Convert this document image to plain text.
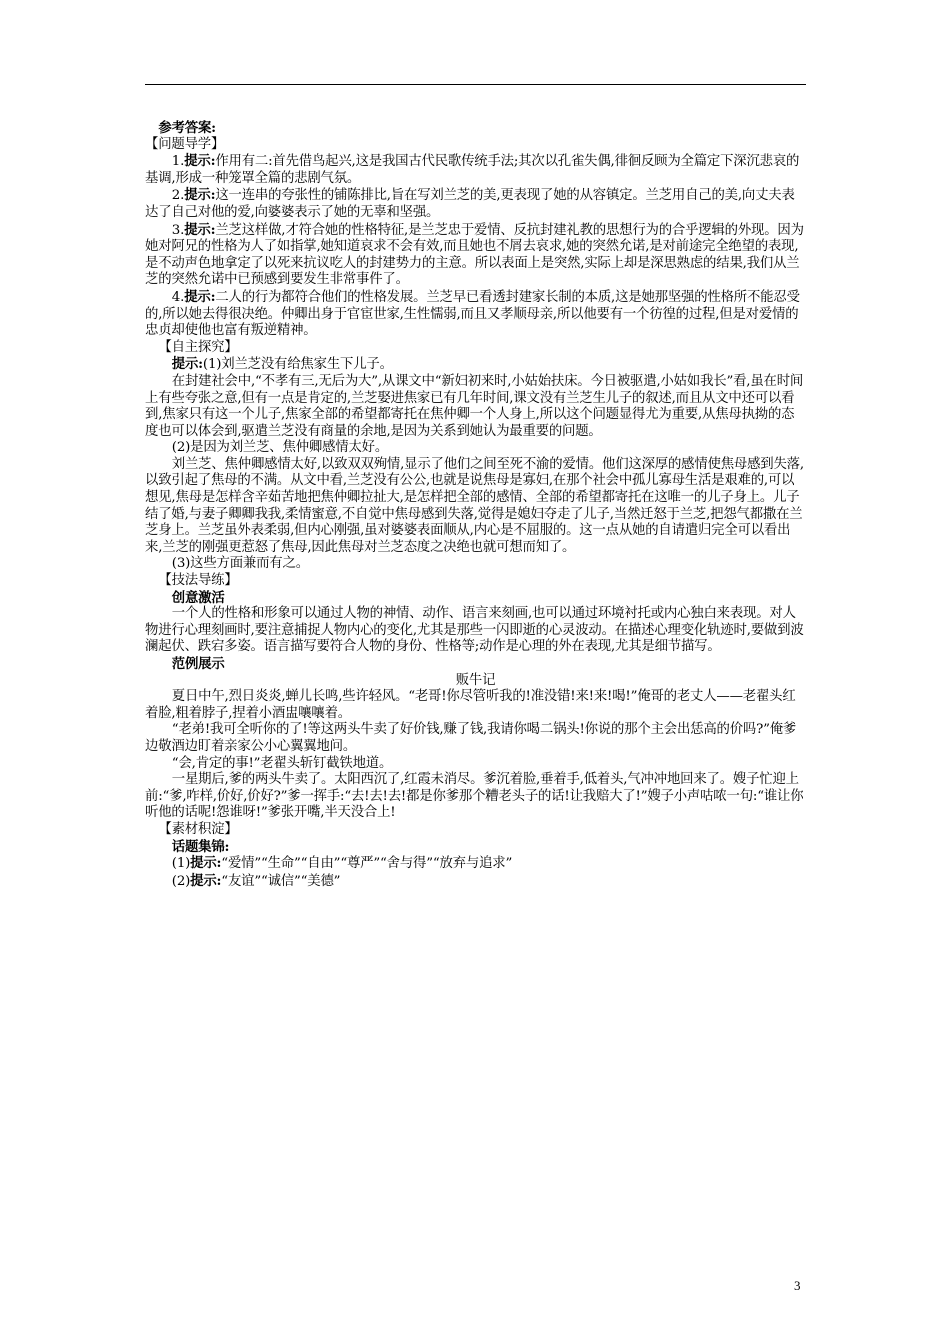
参考答案:

【问题导学】

1.提示:作用有二:首先借鸟起兴,这是我国古代民歌传统手法;其次以孔雀失偶,徘徊反顾为全篇定下深沉悲哀的基调,形成一种笼罩全篇的悲剧气氛。

2.提示:这一连串的夸张性的铺陈排比,旨在写刘兰芝的美,更表现了她的从容镇定。兰芝用自己的美,向丈夫表达了自己对他的爱,向婆婆表示了她的无辜和坚强。

3.提示:兰芝这样做,才符合她的性格特征,是兰芝忠于爱情、反抗封建礼教的思想行为的合乎逻辑的外现。因为她对阿兄的性格为人了如指掌,她知道哀求不会有效,而且她也不屑去哀求,她的突然允诺,是对前途完全绝望的表现,是不动声色地拿定了以死来抗议吃人的封建势力的主意。所以表面上是突然,实际上却是深思熟虑的结果,我们从兰芝的突然允诺中已预感到要发生非常事件了。

4.提示:二人的行为都符合他们的性格发展。兰芝早已看透封建家长制的本质,这是她那坚强的性格所不能忍受的,所以她去得很决绝。仲卿出身于官宦世家,生性懦弱,而且又孝顺母亲,所以他要有一个彷徨的过程,但是对爱情的忠贞却使他也富有叛逆精神。

【自主探究】

提示:(1)刘兰芝没有给焦家生下儿子。

在封建社会中,“不孝有三,无后为大”,从课文中“新妇初来时,小姑始扶床。今日被驱遣,小姑如我长”看,虽在时间上有些夸张之意,但有一点是肯定的,兰芝娶进焦家已有几年时间,课文没有兰芝生儿子的叙述,而且从文中还可以看到,焦家只有这一个儿子,焦家全部的希望都寄托在焦仲卿一个人身上,所以这个问题显得尤为重要,从焦母执拗的态度也可以体会到,驱遣兰芝没有商量的余地,是因为关系到她认为最重要的问题。

(2)是因为刘兰芝、焦仲卿感情太好。

刘兰芝、焦仲卿感情太好,以致双双殉情,显示了他们之间至死不渝的爱情。他们这深厚的感情使焦母感到失落,以致引起了焦母的不满。从文中看,兰芝没有公公,也就是说焦母是寡妇,在那个社会中孤儿寡母生活是艰难的,可以想见,焦母是怎样含辛茹苦地把焦仲卿拉扯大,是怎样把全部的感情、全部的希望都寄托在这唯一的儿子身上。儿子结了婚,与妻子卿卿我我,柔情蜜意,不自觉中焦母感到失落,觉得是媳妇夺走了儿子,当然迁怒于兰芝,把怨气都撒在兰芝身上。兰芝虽外表柔弱,但内心刚强,虽对婆婆表面顺从,内心是不屈服的。这一点从她的自请遣归完全可以看出来,兰芝的刚强更惹怒了焦母,因此焦母对兰芝态度之决绝也就可想而知了。

(3)这些方面兼而有之。

【技法导练】

创意激活

一个人的性格和形象可以通过人物的神情、动作、语言来刻画,也可以通过环境衬托或内心独白来表现。对人物进行心理刻画时,要注意捕捉人物内心的变化,尤其是那些一闪即逝的心灵波动。在描述心理变化轨迹时,要做到波澜起伏、跌宕多姿。语言描写要符合人物的身份、性格等;动作是心理的外在表现,尤其是细节描写。

范例展示

贩牛记

夏日中午,烈日炎炎,蝉儿长鸣,些许轻风。“老哥!你尽管听我的!准没错!来!来!喝!”俺哥的老丈人——老翟头红着脸,粗着脖子,捏着小酒盅嚷嚷着。

“老弟!我可全听你的了!等这两头牛卖了好价钱,赚了钱,我请你喝二锅头!你说的那个主会出恁高的价吗?”俺爹边敬酒边盯着亲家公小心翼翼地问。

“会,肯定的事!”老翟头斩钉截铁地道。

一星期后,爹的两头牛卖了。太阳西沉了,红霞未消尽。爹沉着脸,垂着手,低着头,气冲冲地回来了。嫂子忙迎上前:“爹,咋样,价好,价好?”爹一挥手:“去!去!去!都是你爹那个糟老头子的话!让我赔大了!”嫂子小声咕哝一句:“谁让你听他的话呢!怨谁呀!”爹张开嘴,半天没合上!

【素材积淀】

话题集锦:

(1)提示:“爱情”“生命”“自由”“尊严”“舍与得”“放弃与追求”

(2)提示:“友谊”“诚信”“美德”

3
